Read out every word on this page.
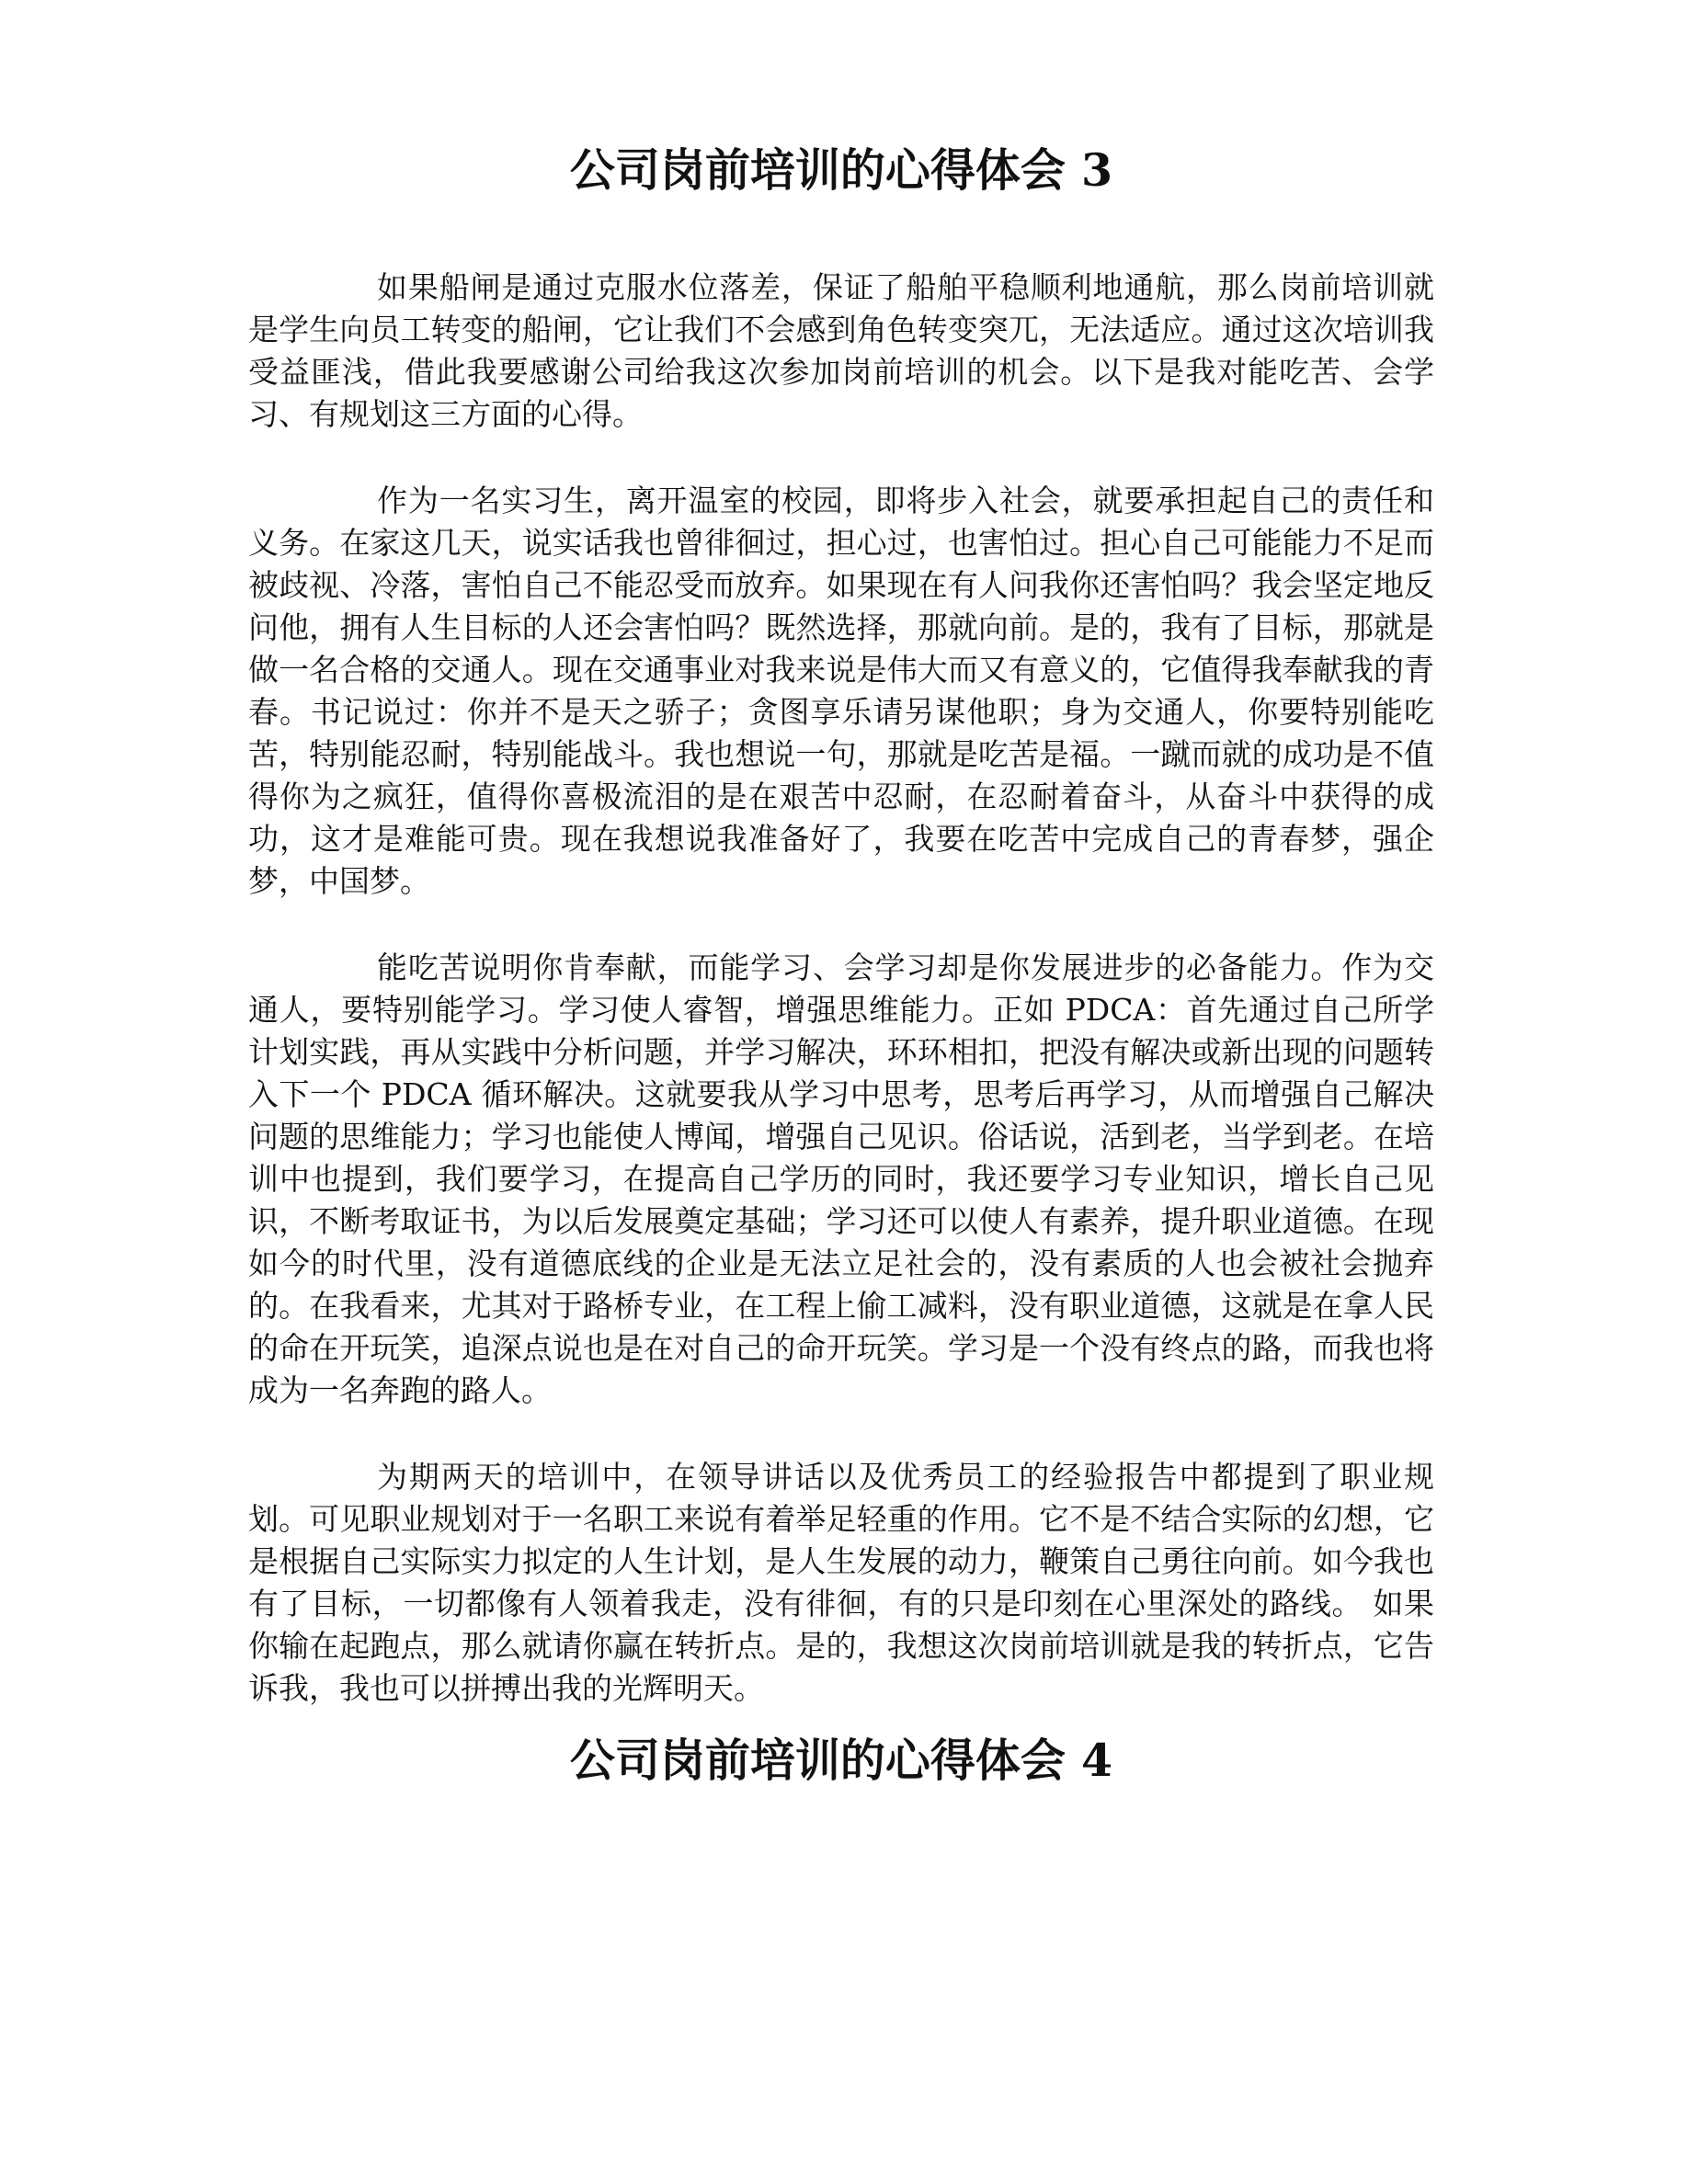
公司岗前培训的心得体会 3

如果船闸是通过克服水位落差，保证了船舶平稳顺利地通航，那么岗前培训就是学生向员工转变的船闸，它让我们不会感到角色转变突兀，无法适应。通过这次培训我受益匪浅，借此我要感谢公司给我这次参加岗前培训的机会。以下是我对能吃苦、会学习、有规划这三方面的心得。

作为一名实习生，离开温室的校园，即将步入社会，就要承担起自己的责任和义务。在家这几天，说实话我也曾徘徊过，担心过，也害怕过。担心自己可能能力不足而被歧视、冷落，害怕自己不能忍受而放弃。如果现在有人问我你还害怕吗？我会坚定地反问他，拥有人生目标的人还会害怕吗？既然选择，那就向前。是的，我有了目标，那就是做一名合格的交通人。现在交通事业对我来说是伟大而又有意义的，它值得我奉献我的青春。书记说过：你并不是天之骄子；贪图享乐请另谋他职；身为交通人，你要特别能吃苦，特别能忍耐，特别能战斗。我也想说一句，那就是吃苦是福。一蹴而就的成功是不值得你为之疯狂，值得你喜极流泪的是在艰苦中忍耐，在忍耐着奋斗，从奋斗中获得的成功，这才是难能可贵。现在我想说我准备好了，我要在吃苦中完成自己的青春梦，强企梦，中国梦。

能吃苦说明你肯奉献，而能学习、会学习却是你发展进步的必备能力。作为交通人，要特别能学习。学习使人睿智，增强思维能力。正如 PDCA：首先通过自己所学计划实践，再从实践中分析问题，并学习解决，环环相扣，把没有解决或新出现的问题转入下一个 PDCA 循环解决。这就要我从学习中思考，思考后再学习，从而增强自己解决问题的思维能力；学习也能使人博闻，增强自己见识。俗话说，活到老，当学到老。在培训中也提到，我们要学习，在提高自己学历的同时，我还要学习专业知识，增长自己见识，不断考取证书，为以后发展奠定基础；学习还可以使人有素养，提升职业道德。在现如今的时代里，没有道德底线的企业是无法立足社会的，没有素质的人也会被社会抛弃的。在我看来，尤其对于路桥专业，在工程上偷工减料，没有职业道德，这就是在拿人民的命在开玩笑，追深点说也是在对自己的命开玩笑。学习是一个没有终点的路，而我也将成为一名奔跑的路人。

为期两天的培训中，在领导讲话以及优秀员工的经验报告中都提到了职业规划。可见职业规划对于一名职工来说有着举足轻重的作用。它不是不结合实际的幻想，它是根据自己实际实力拟定的人生计划，是人生发展的动力，鞭策自己勇往向前。如今我也有了目标，一切都像有人领着我走，没有徘徊，有的只是印刻在心里深处的路线。 如果你输在起跑点，那么就请你赢在转折点。是的，我想这次岗前培训就是我的转折点，它告诉我，我也可以拼搏出我的光辉明天。

公司岗前培训的心得体会 4
